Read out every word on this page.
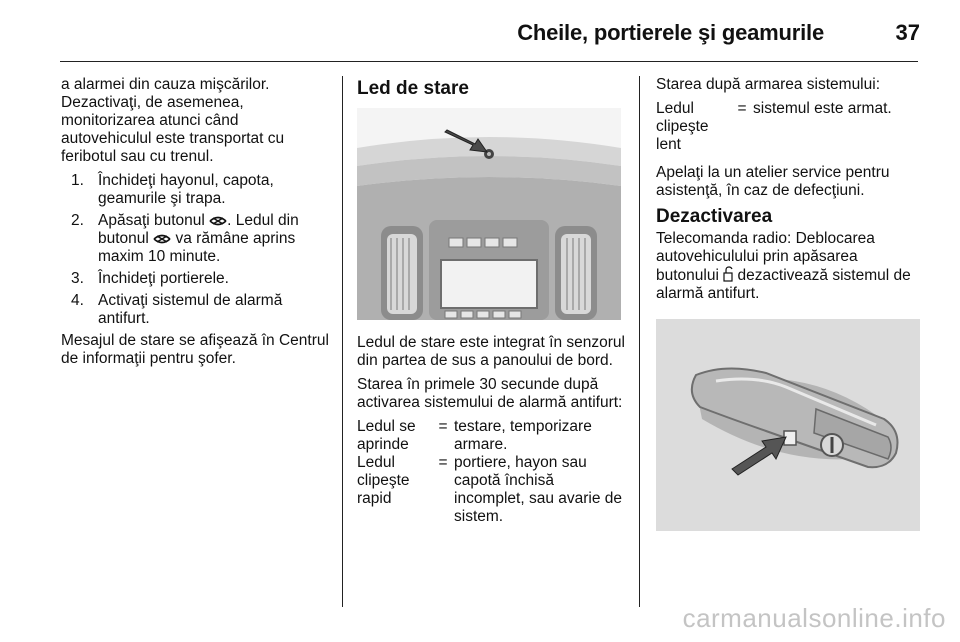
Cheile, portierele şi geamurile	37

a alarmei din cauza mişcărilor.
Dezactivaţi, de asemenea,
monitorizarea atunci când
autovehiculul este transportat cu
feribotul sau cu trenul.

1. Închideţi hayonul, capota, geamurile şi trapa.
2. Apăsaţi butonul . Ledul din butonul va rămâne aprins maxim 10 minute.
3. Închideţi portierele.
4. Activaţi sistemul de alarmă antifurt.

Mesajul de stare se afişează în Centrul de informaţii pentru şofer.

Led de stare

Ledul de stare este integrat în senzorul din partea de sus a panoului de bord.

Starea în primele 30 secunde după activarea sistemului de alarmă antifurt:

Ledul se aprinde	=	testare, temporizare armare.
Ledul clipeşte rapid	=	portiere, hayon sau capotă închisă incomplet, sau avarie de sistem.

Starea după armarea sistemului:

Ledul clipeşte lent	=	sistemul este armat.

Apelaţi la un atelier service pentru asistenţă, în caz de defecţiuni.

Dezactivarea

Telecomanda radio: Deblocarea autovehiculului prin apăsarea butonului dezactivează sistemul de alarmă antifurt.

carmanualsonline.info
